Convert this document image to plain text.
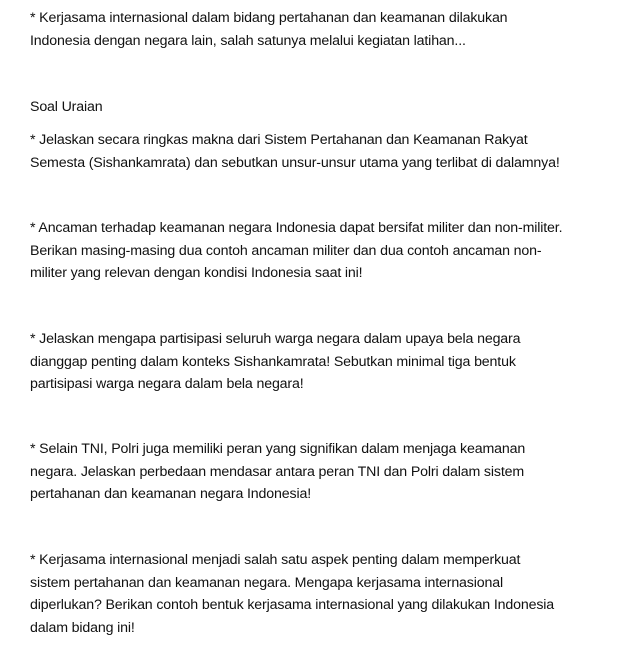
* Kerjasama internasional dalam bidang pertahanan dan keamanan dilakukan
Indonesia dengan negara lain, salah satunya melalui kegiatan latihan...
Soal Uraian
* Jelaskan secara ringkas makna dari Sistem Pertahanan dan Keamanan Rakyat
Semesta (Sishankamrata) dan sebutkan unsur-unsur utama yang terlibat di dalamnya!
* Ancaman terhadap keamanan negara Indonesia dapat bersifat militer dan non-militer.
Berikan masing-masing dua contoh ancaman militer dan dua contoh ancaman non-
militer yang relevan dengan kondisi Indonesia saat ini!
* Jelaskan mengapa partisipasi seluruh warga negara dalam upaya bela negara
dianggap penting dalam konteks Sishankamrata! Sebutkan minimal tiga bentuk
partisipasi warga negara dalam bela negara!
* Selain TNI, Polri juga memiliki peran yang signifikan dalam menjaga keamanan
negara. Jelaskan perbedaan mendasar antara peran TNI dan Polri dalam sistem
pertahanan dan keamanan negara Indonesia!
* Kerjasama internasional menjadi salah satu aspek penting dalam memperkuat
sistem pertahanan dan keamanan negara. Mengapa kerjasama internasional
diperlukan? Berikan contoh bentuk kerjasama internasional yang dilakukan Indonesia
dalam bidang ini!
